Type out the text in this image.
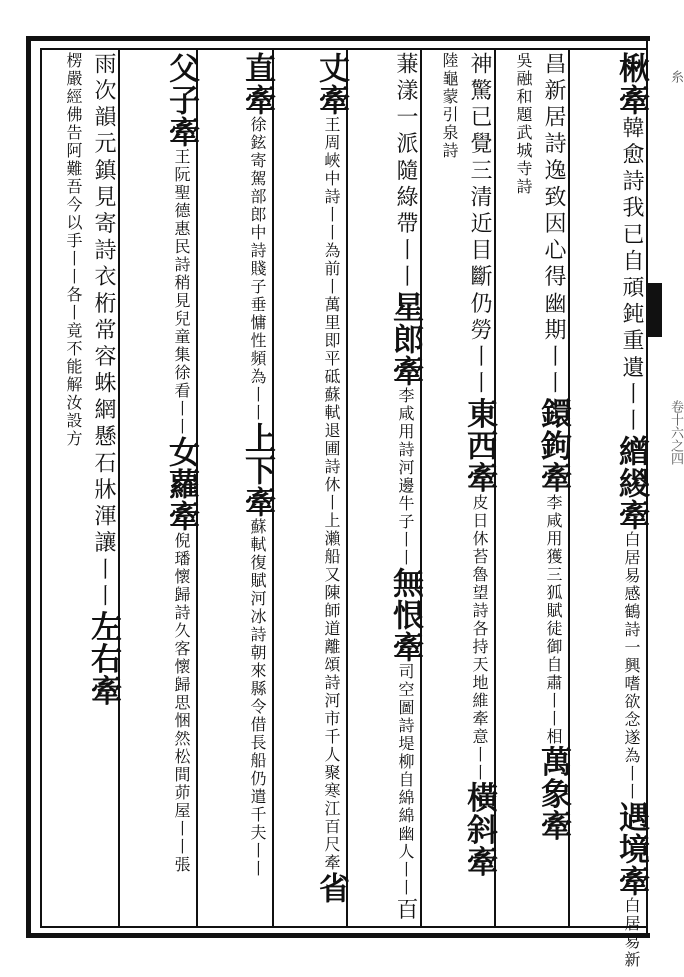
糸
卷十六之四
楸牽韓愈詩我已自頑鈍重遺丨丨繒緵牽白居易感鶴詩一興嗜欲念遂為丨丨遇境牽白居易新
昌新居詩逸致因心得幽期丨丨鐶鉤牽李咸用獲三狐賦徒御自肅丨丨相萬象牽吳融和題武城寺詩
神驚已覺三清近目斷仍勞丨丨東西牽皮日休苔魯望詩各持天地維牽意丨丨橫斜牽陸龜蒙引泉詩
蒹漾一派隨綠帶丨丨星郎牽李咸用詩河邊牛子丨丨無恨牽司空圖詩堤柳自綿綿幽人丨丨百
丈牽王周峽中詩丨丨為前丨萬里即平砥蘇軾退圃詩休丨上瀨船又陳師道離頌詩河市千人聚寒江百尺牽省
直牽徐鉉寄駕部郎中詩賤子垂慵性頻為丨丨上下牽蘇軾復賦河冰詩朝來縣令借長船仍遣千夫丨丨
父子牽王阮聖德惠民詩稍見兒童集徐看丨丨女蘿牽倪璠懷歸詩久客懷歸思悃然松間茆屋丨丨張
雨次韻元鎮見寄詩衣桁常容蛛網懸石牀渾讓丨丨左右牽楞嚴經佛告阿難吾今以手丨丨各丨竟不能解汝設方
